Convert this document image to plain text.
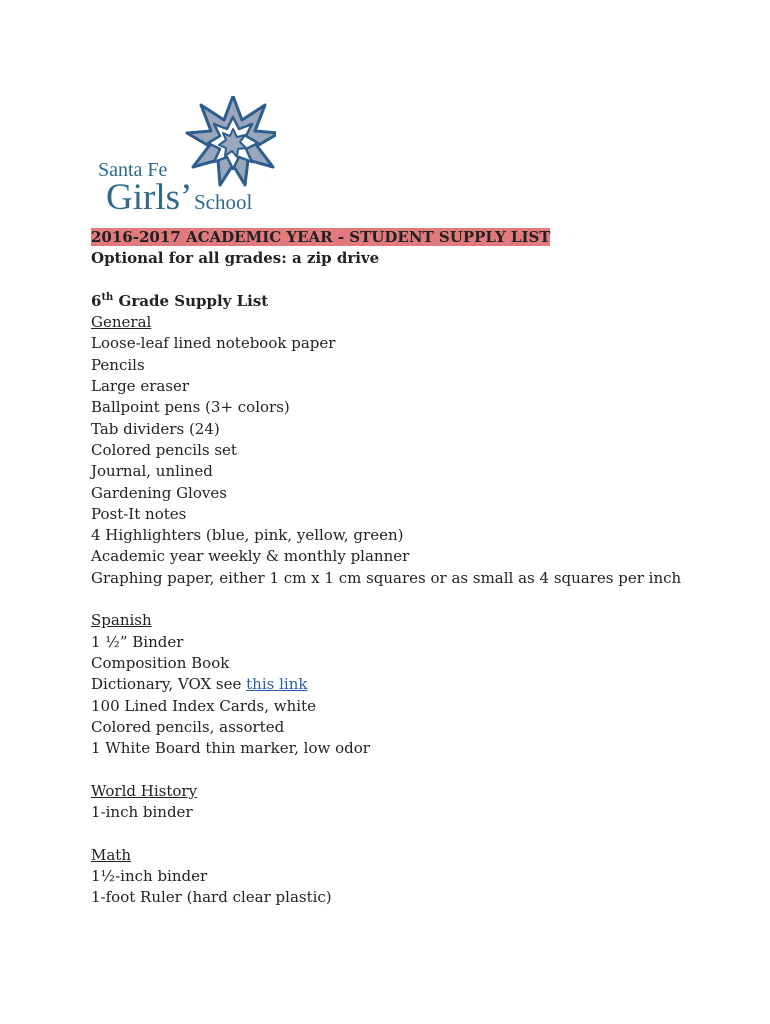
Santa Fe
Girls’ School
2016-2017 ACADEMIC YEAR - STUDENT SUPPLY LIST
Optional for all grades: a zip drive
6th Grade Supply List
General
Loose-leaf lined notebook paper
Pencils
Large eraser
Ballpoint pens (3+ colors)
Tab dividers (24)
Colored pencils set
Journal, unlined
Gardening Gloves
Post-It notes
4 Highlighters (blue, pink, yellow, green)
Academic year weekly & monthly planner
Graphing paper, either 1 cm x 1 cm squares or as small as 4 squares per inch
Spanish
1 ½” Binder
Composition Book
Dictionary, VOX see this link
100 Lined Index Cards, white
Colored pencils, assorted
1 White Board thin marker, low odor
World History
1-inch binder
Math
1½-inch binder
1-foot Ruler (hard clear plastic)
